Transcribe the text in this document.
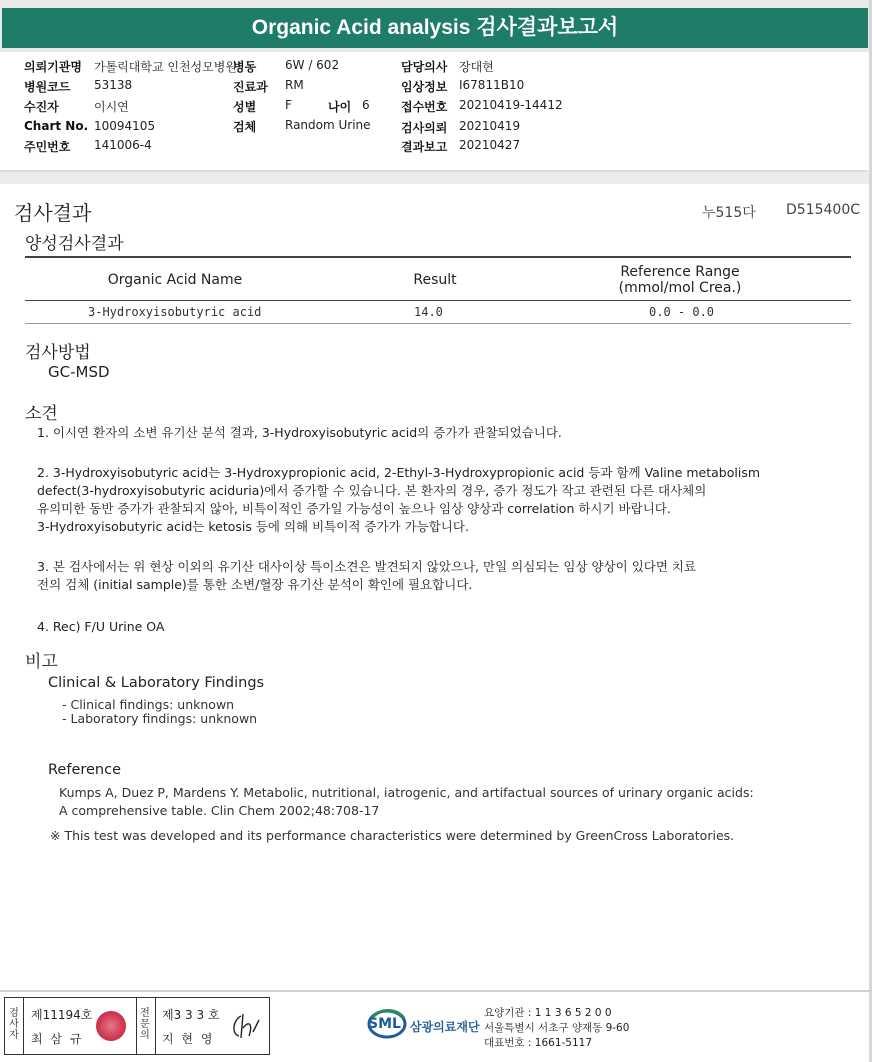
Organic Acid analysis 검사결과보고서
의뢰기관명 가톨릭대학교 인천성모병원
병원코드 53138
수진자	이시연
Chart No. 10094105
주민번호 141006-4
병동 6W / 602
진료과 RM
성별 F	나이 6
검체 Random Urine
담당의사 장대현
임상정보 I67811B10
접수번호 20210419-14412
검사의뢰 20210419
결과보고 20210427
검사결과	누515다 D515400C
양성검사결과
Organic Acid Name	Result	Reference Range
(mmol/mol Crea.)
3-Hydroxyisobutyric acid	14.0	0.0 - 0.0
검사방법
GC-MSD
소견
1. 이시연 환자의 소변 유기산 분석 결과, 3-Hydroxyisobutyric acid의 증가가 관찰되었습니다.
2. 3-Hydroxyisobutyric acid는 3-Hydroxypropionic acid, 2-Ethyl-3-Hydroxypropionic acid 등과 함께 Valine metabolism
defect(3-hydroxyisobutyric aciduria)에서 증가할 수 있습니다. 본 환자의 경우, 증가 정도가 작고 관련된 다른 대사체의
유의미한 동반 증가가 관찰되지 않아, 비특이적인 증가일 가능성이 높으나 임상 양상과 correlation 하시기 바랍니다.
3-Hydroxyisobutyric acid는 ketosis 등에 의해 비특이적 증가가 가능합니다.
3. 본 검사에서는 위 현상 이외의 유기산 대사이상 특이소견은 발견되지 않았으나, 만일 의심되는 임상 양상이 있다면 치료
전의 검체 (initial sample)를 통한 소변/혈장 유기산 분석이 확인에 필요합니다.
4. Rec) F/U Urine OA
비고
Clinical & Laboratory Findings
- Clinical findings: unknown
- Laboratory findings: unknown
Reference
Kumps A, Duez P, Mardens Y. Metabolic, nutritional, iatrogenic, and artifactual sources of urinary organic acids:
A comprehensive table. Clin Chem 2002;48:708-17
※ This test was developed and its performance characteristics were determined by GreenCross Laboratories.
검
사
자
제11194호
최 삼 규
전
문
의
제3 3 3 호
지 현 영
SML 삼광의료재단
요양기관 : 1 1 3 6 5 2 0 0
서울특별시 서초구 양재동 9-60
대표번호 : 1661-5117
